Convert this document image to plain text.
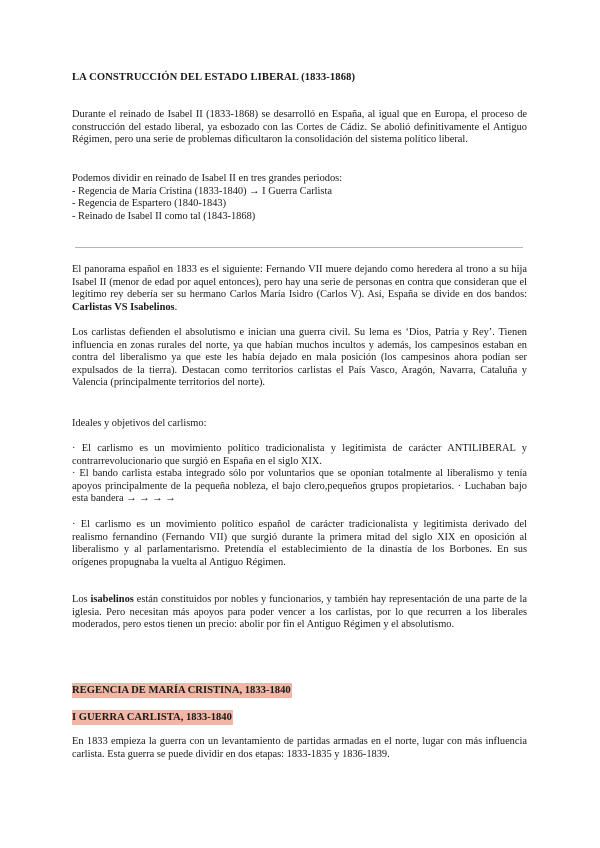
LA CONSTRUCCIÓN DEL ESTADO LIBERAL (1833-1868)
Durante el reinado de Isabel II (1833-1868) se desarrolló en España, al igual que en Europa, el proceso de construcción del estado liberal, ya esbozado con las Cortes de Cádiz. Se abolió definitivamente el Antiguo Régimen, pero una serie de problemas dificultaron la consolidación del sistema político liberal.
Podemos dividir en reinado de Isabel II en tres grandes periodos:
- Regencia de María Cristina (1833-1840) → I Guerra Carlista
- Regencia de Espartero (1840-1843)
- Reinado de Isabel II como tal (1843-1868)
El panorama español en 1833 es el siguiente: Fernando VII muere dejando como heredera al trono a su hija Isabel II (menor de edad por aquel entonces), pero hay una serie de personas en contra que consideran que el legítimo rey debería ser su hermano Carlos María Isidro (Carlos V). Así, España se divide en dos bandos: Carlistas VS Isabelinos.
Los carlistas defienden el absolutismo e inician una guerra civil. Su lema es ‘Dios, Patria y Rey’. Tienen influencia en zonas rurales del norte, ya que habían muchos incultos y además, los campesinos estaban en contra del liberalismo ya que este les había dejado en mala posición (los campesinos ahora podían ser expulsados de la tierra). Destacan como territorios carlistas el País Vasco, Aragón, Navarra, Cataluña y Valencia (principalmente territorios del norte).
Ideales y objetivos del carlismo:
· El carlismo es un movimiento político tradicionalista y legitimista de carácter ANTILIBERAL y contrarrevolucionario que surgió en España en el siglo XIX.
· El bando carlista estaba integrado sólo por voluntarios que se oponían totalmente al liberalismo y tenía apoyos principalmente de la pequeña nobleza, el bajo clero,pequeños grupos propietarios. · Luchaban bajo esta bandera → → → →
· El carlismo es un movimiento político español de carácter tradicionalista y legitimista derivado del realismo fernandino (Fernando VII) que surgió durante la primera mitad del siglo XIX en oposición al liberalismo y al parlamentarismo. Pretendía el establecimiento de la dinastía de los Borbones. En sus orígenes propugnaba la vuelta al Antiguo Régimen.
Los isabelinos están constituidos por nobles y funcionarios, y también hay representación de una parte de la iglesia. Pero necesitan más apoyos para poder vencer a los carlistas, por lo que recurren a los liberales moderados, pero estos tienen un precio: abolir por fin el Antiguo Régimen y el absolutismo.
REGENCIA DE MARÍA CRISTINA, 1833-1840
I GUERRA CARLISTA, 1833-1840
En 1833 empieza la guerra con un levantamiento de partidas armadas en el norte, lugar con más influencia carlista. Esta guerra se puede dividir en dos etapas: 1833-1835 y 1836-1839.
